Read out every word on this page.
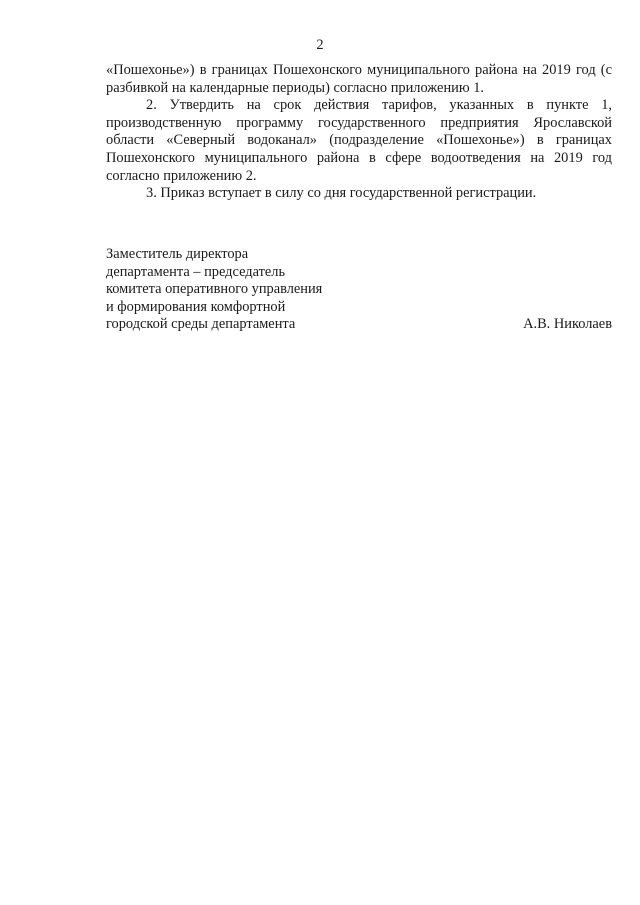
2

«Пошехонье») в границах Пошехонского муниципального района на 2019 год (с разбивкой на календарные периоды) согласно приложению 1.

2. Утвердить на срок действия тарифов, указанных в пункте 1, производственную программу государственного предприятия Ярославской области «Северный водоканал» (подразделение «Пошехонье») в границах Пошехонского муниципального района в сфере водоотведения на 2019 год согласно приложению 2.

3. Приказ вступает в силу со дня государственной регистрации.

Заместитель директора
департамента – председатель
комитета оперативного управления
и формирования комфортной
городской среды департамента	А.В. Николаев
